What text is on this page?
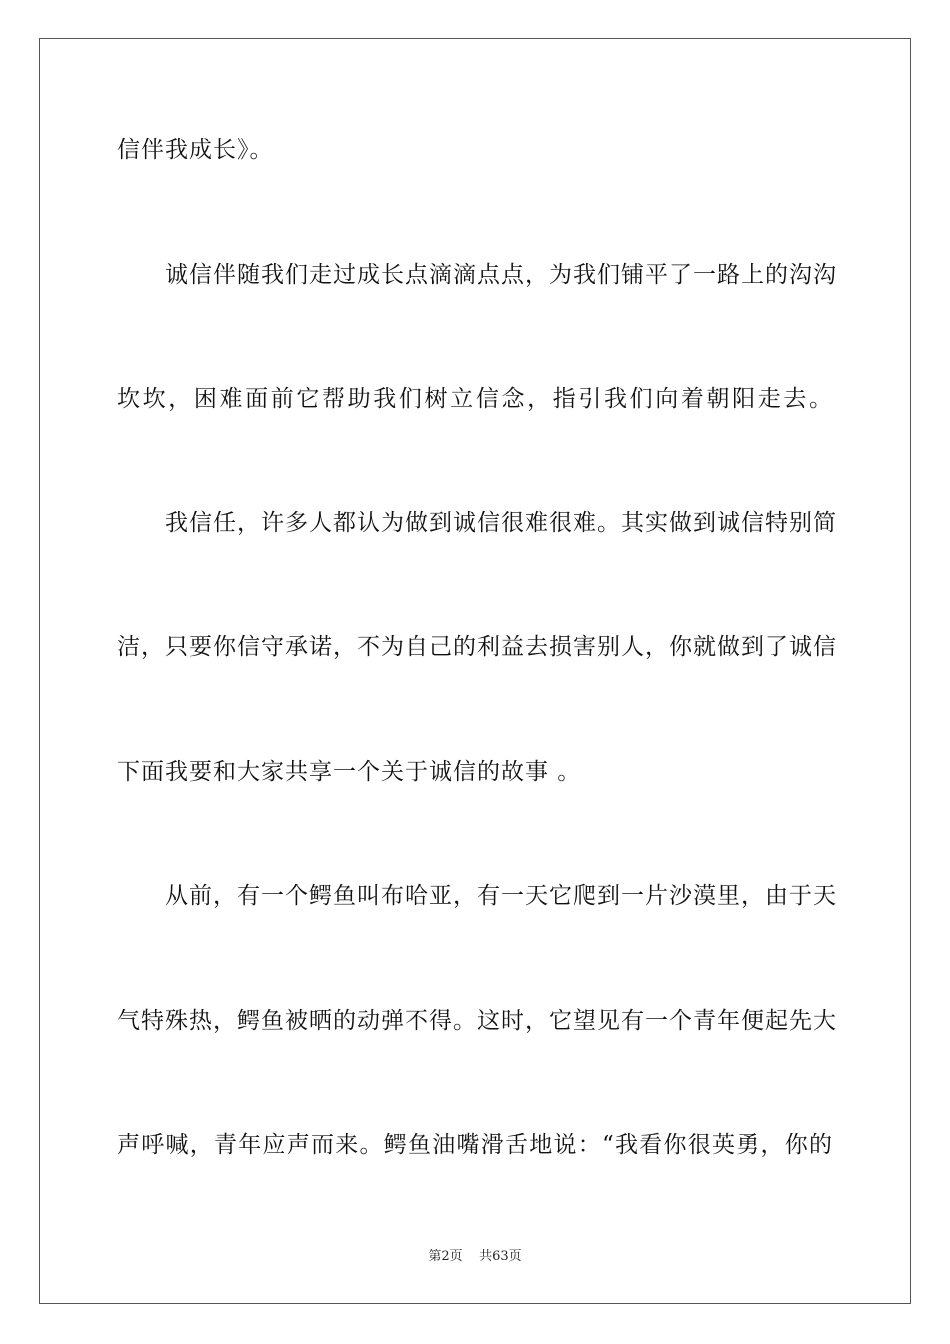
信伴我成长》。
诚信伴随我们走过成长点滴滴点点，为我们铺平了一路上的沟沟
坎坎，困难面前它帮助我们树立信念，指引我们向着朝阳走去。
我信任，许多人都认为做到诚信很难很难。其实做到诚信特别简
洁，只要你信守承诺，不为自己的利益去损害别人，你就做到了诚信
下面我要和大家共享一个关于诚信的故事 。
从前，有一个鳄鱼叫布哈亚，有一天它爬到一片沙漠里，由于天
气特殊热，鳄鱼被晒的动弹不得。这时，它望见有一个青年便起先大
声呼喊，青年应声而来。鳄鱼油嘴滑舌地说：“我看你很英勇，你的
第2页 共63页
